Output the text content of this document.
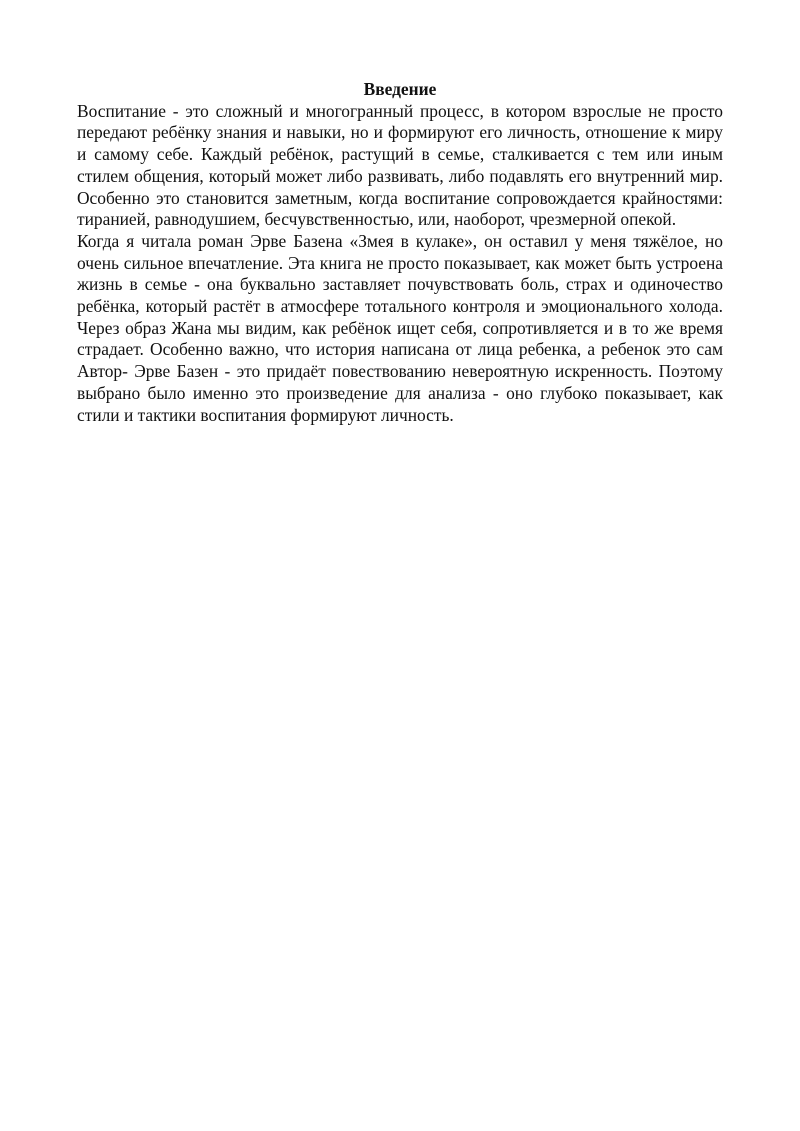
Введение

Воспитание - это сложный и многогранный процесс, в котором взрослые не просто передают ребёнку знания и навыки, но и формируют его личность, отношение к миру и самому себе. Каждый ребёнок, растущий в семье, сталкивается с тем или иным стилем общения, который может либо развивать, либо подавлять его внутренний мир. Особенно это становится заметным, когда воспитание сопровождается крайностями: тиранией, равнодушием, бесчувственностью, или, наоборот, чрезмерной опекой.

Когда я читала роман Эрве Базена «Змея в кулаке», он оставил у меня тяжёлое, но очень сильное впечатление. Эта книга не просто показывает, как может быть устроена жизнь в семье - она буквально заставляет почувствовать боль, страх и одиночество ребёнка, который растёт в атмосфере тотального контроля и эмоционального холода. Через образ Жана мы видим, как ребёнок ищет себя, сопротивляется и в то же время страдает. Особенно важно, что история написана от лица ребенка, а ребенок это сам Автор- Эрве Базен - это придаёт повествованию невероятную искренность. Поэтому выбрано было именно это произведение для анализа - оно глубоко показывает, как стили и тактики воспитания формируют личность.
